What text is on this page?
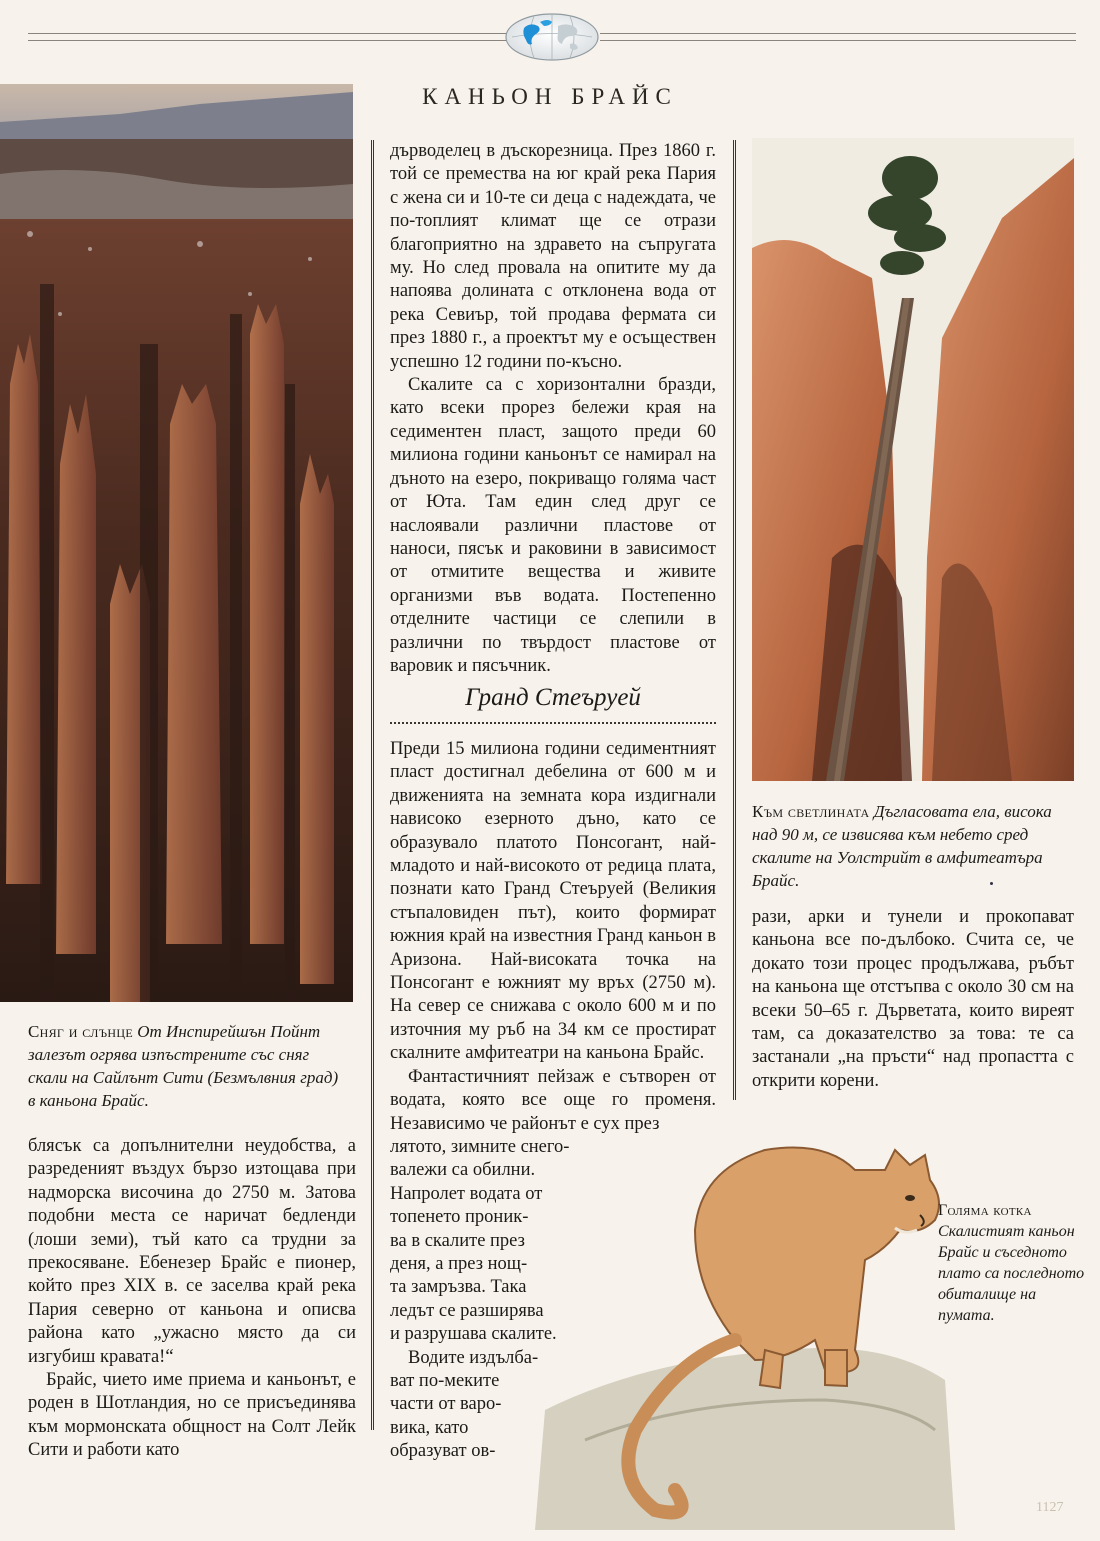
КАНЬОН БРАЙС
Сняг и слънце От Инспирейшън Пойнт залезът огрява изпъстрените със сняг скали на Сайлънт Сити (Безмълвния град) в каньона Брайс.

блясък са допълнителни неудобства, а разреденият въздух бързо изтощава при надморска височина до 2750 м. Затова подобни места се наричат бедленди (лоши земи), тъй като са трудни за прекосяване. Ебенезер Брайс е пионер, който през XIX в. се заселва край река Пария северно от каньона и описва района като „ужасно място да си изгубиш кравата!“

Брайс, чието име приема и каньонът, е роден в Шотландия, но се присъединява към мормонската общност на Солт Лейк Сити и работи като

дърводелец в дъскорезница. През 1860 г. той се премества на юг край река Пария с жена си и 10-те си деца с надеждата, че по-топлият климат ще се отрази благоприятно на здравето на съпругата му. Но след провала на опитите му да напоява долината с отклонена вода от река Севиър, той продава фермата си през 1880 г., а проектът му е осъществен успешно 12 години по-късно.

Скалите са с хоризонтални бразди, като всеки прорез бележи края на седиментен пласт, защото преди 60 милиона години каньонът се намирал на дъното на езеро, покриващо голяма част от Юта. Там един след друг се наслоявали различни пластове от наноси, пясък и раковини в зависимост от отмитите вещества и живите организми във водата. Постепенно отделните частици се слепили в различни по твърдост пластове от варовик и пясъчник.

Гранд Стеъруей

Преди 15 милиона години седиментният пласт достигнал дебелина от 600 м и движенията на земната кора издигнали нависоко езерното дъно, като се образувало платото Понсогант, най-младото и най-високото от редица плата, познати като Гранд Стеъруей (Великия стъпаловиден път), които формират южния край на известния Гранд каньон в Аризона. Най-високата точка на Понсогант е южният му връх (2750 м). На север се снижава с около 600 м и по източния му ръб на 34 км се простират скалните амфитеатри на каньона Брайс.

Фантастичният пейзаж е сътворен от водата, която все още го променя. Независимо че районът е сух през

лятото, зимните снего-
валежи са обилни.
Напролет водата от
топенето проник-
ва в скалите през
деня, а през нощ-
та замръзва. Така
ледът се разширява
и разрушава скалите.
Водите издълба-
ват по-меките
части от варо-
вика, като
образуват ов-
Към светлината Дъгласовата ела, висока над 90 м, се извисява към небето сред скалите на Уолстрийт в амфитеатъра Брайс.

рази, арки и тунели и прокопават каньона все по-дълбоко. Счита се, че докато този процес продължава, ръбът на каньона ще отстъпва с около 30 см на всеки 50–65 г. Дърветата, които виреят там, са доказателство за това: те са застанали „на пръсти“ над пропастта с открити корени.

Голяма котка Скалистият каньон Брайс и съседното плато са последното обиталище на пумата.
1127
